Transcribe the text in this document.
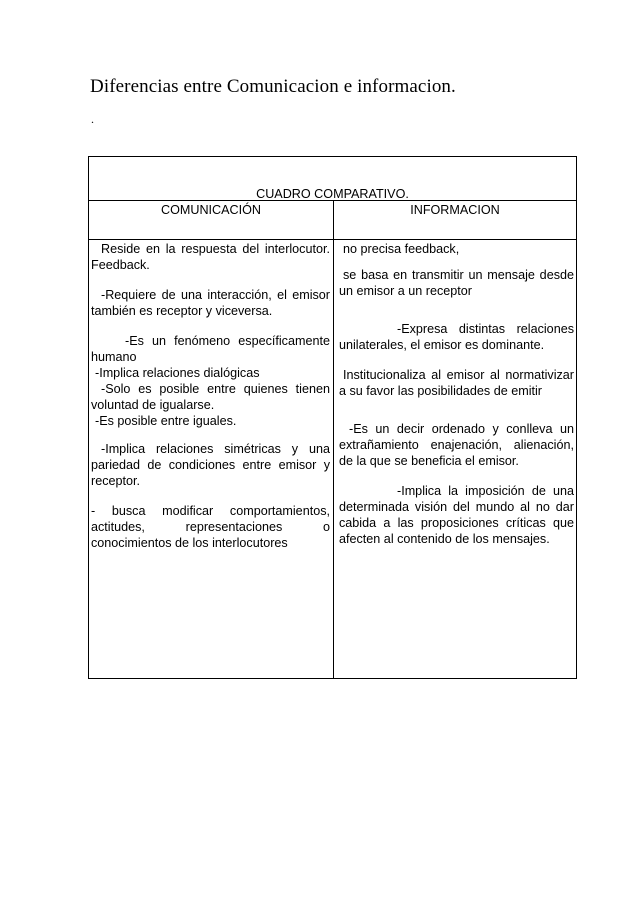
Diferencias entre Comunicacion e informacion.
.
CUADRO COMPARATIVO.
COMUNICACIÓN	INFORMACION

Reside en la respuesta del interlocutor. Feedback.

-Requiere de una interacción, el emisor también es receptor y viceversa.

-Es un fenómeno específicamente humano

-Implica relaciones dialógicas

-Solo es posible entre quienes tienen voluntad de igualarse.

-Es posible entre iguales.

-Implica relaciones simétricas y una pariedad de condiciones entre emisor y receptor.

- busca modificar comportamientos, actitudes, representaciones o conocimientos de los interlocutores

no precisa feedback,

se basa en transmitir un mensaje desde un emisor a un receptor

-Expresa distintas relaciones unilaterales, el emisor es dominante.

Institucionaliza al emisor al normativizar a su favor las posibilidades de emitir

-Es un decir ordenado y conlleva un extrañamiento enajenación, alienación, de la que se beneficia el emisor.

-Implica la imposición de una determinada visión del mundo al no dar cabida a las proposiciones críticas que afecten al contenido de los mensajes.
